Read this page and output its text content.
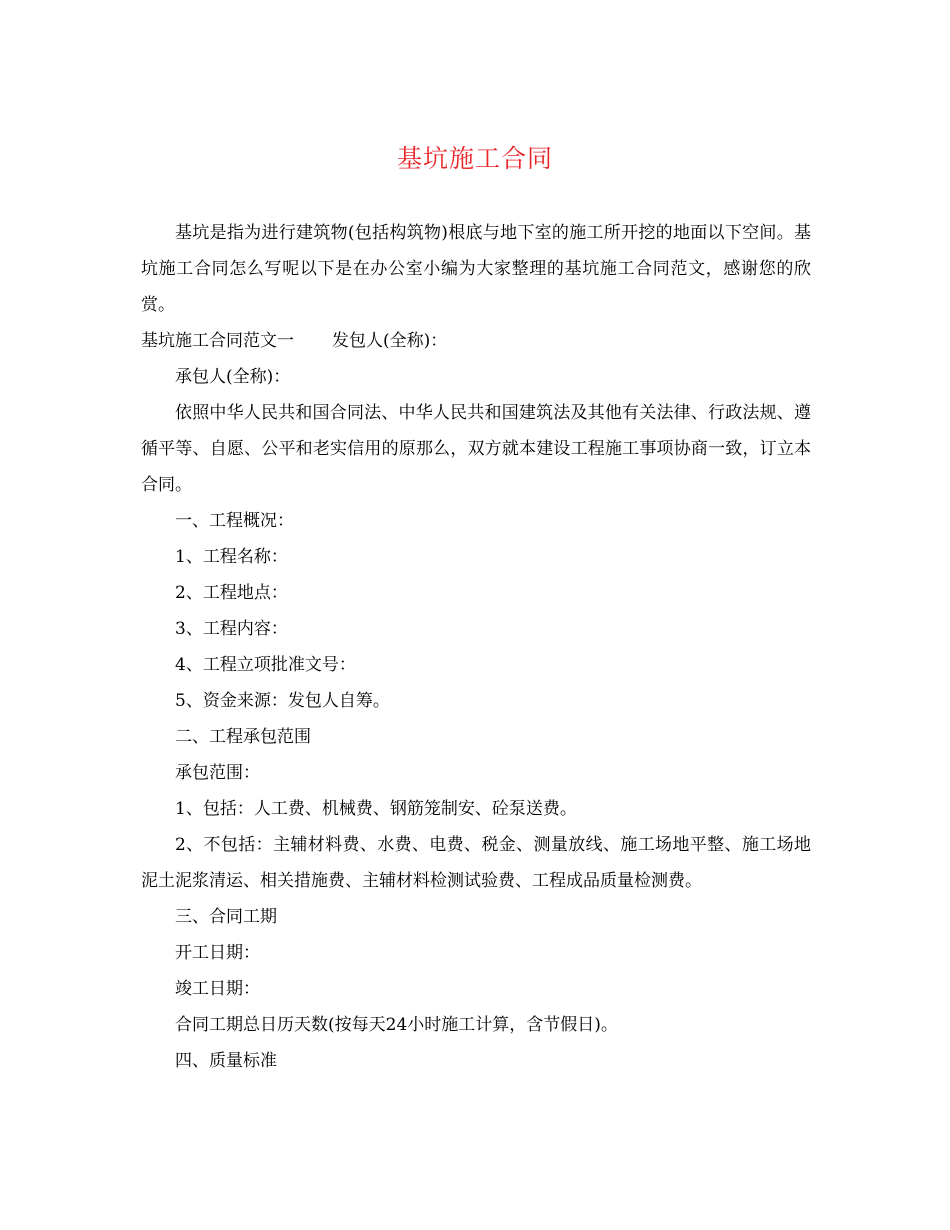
基坑施工合同

基坑是指为进行建筑物(包括构筑物)根底与地下室的施工所开挖的地面以下空间。基坑施工合同怎么写呢以下是在办公室小编为大家整理的基坑施工合同范文，感谢您的欣赏。

基坑施工合同范文一 发包人(全称)：

承包人(全称)：

依照中华人民共和国合同法、中华人民共和国建筑法及其他有关法律、行政法规、遵循平等、自愿、公平和老实信用的原那么，双方就本建设工程施工事项协商一致，订立本合同。

一、工程概况：

1、工程名称：

2、工程地点：

3、工程内容：

4、工程立项批准文号：

5、资金来源：发包人自筹。

二、工程承包范围

承包范围：

1、包括：人工费、机械费、钢筋笼制安、砼泵送费。

2、不包括：主辅材料费、水费、电费、税金、测量放线、施工场地平整、施工场地泥土泥浆清运、相关措施费、主辅材料检测试验费、工程成品质量检测费。

三、合同工期

开工日期：

竣工日期：

合同工期总日历天数(按每天24小时施工计算，含节假日)。

四、质量标准
